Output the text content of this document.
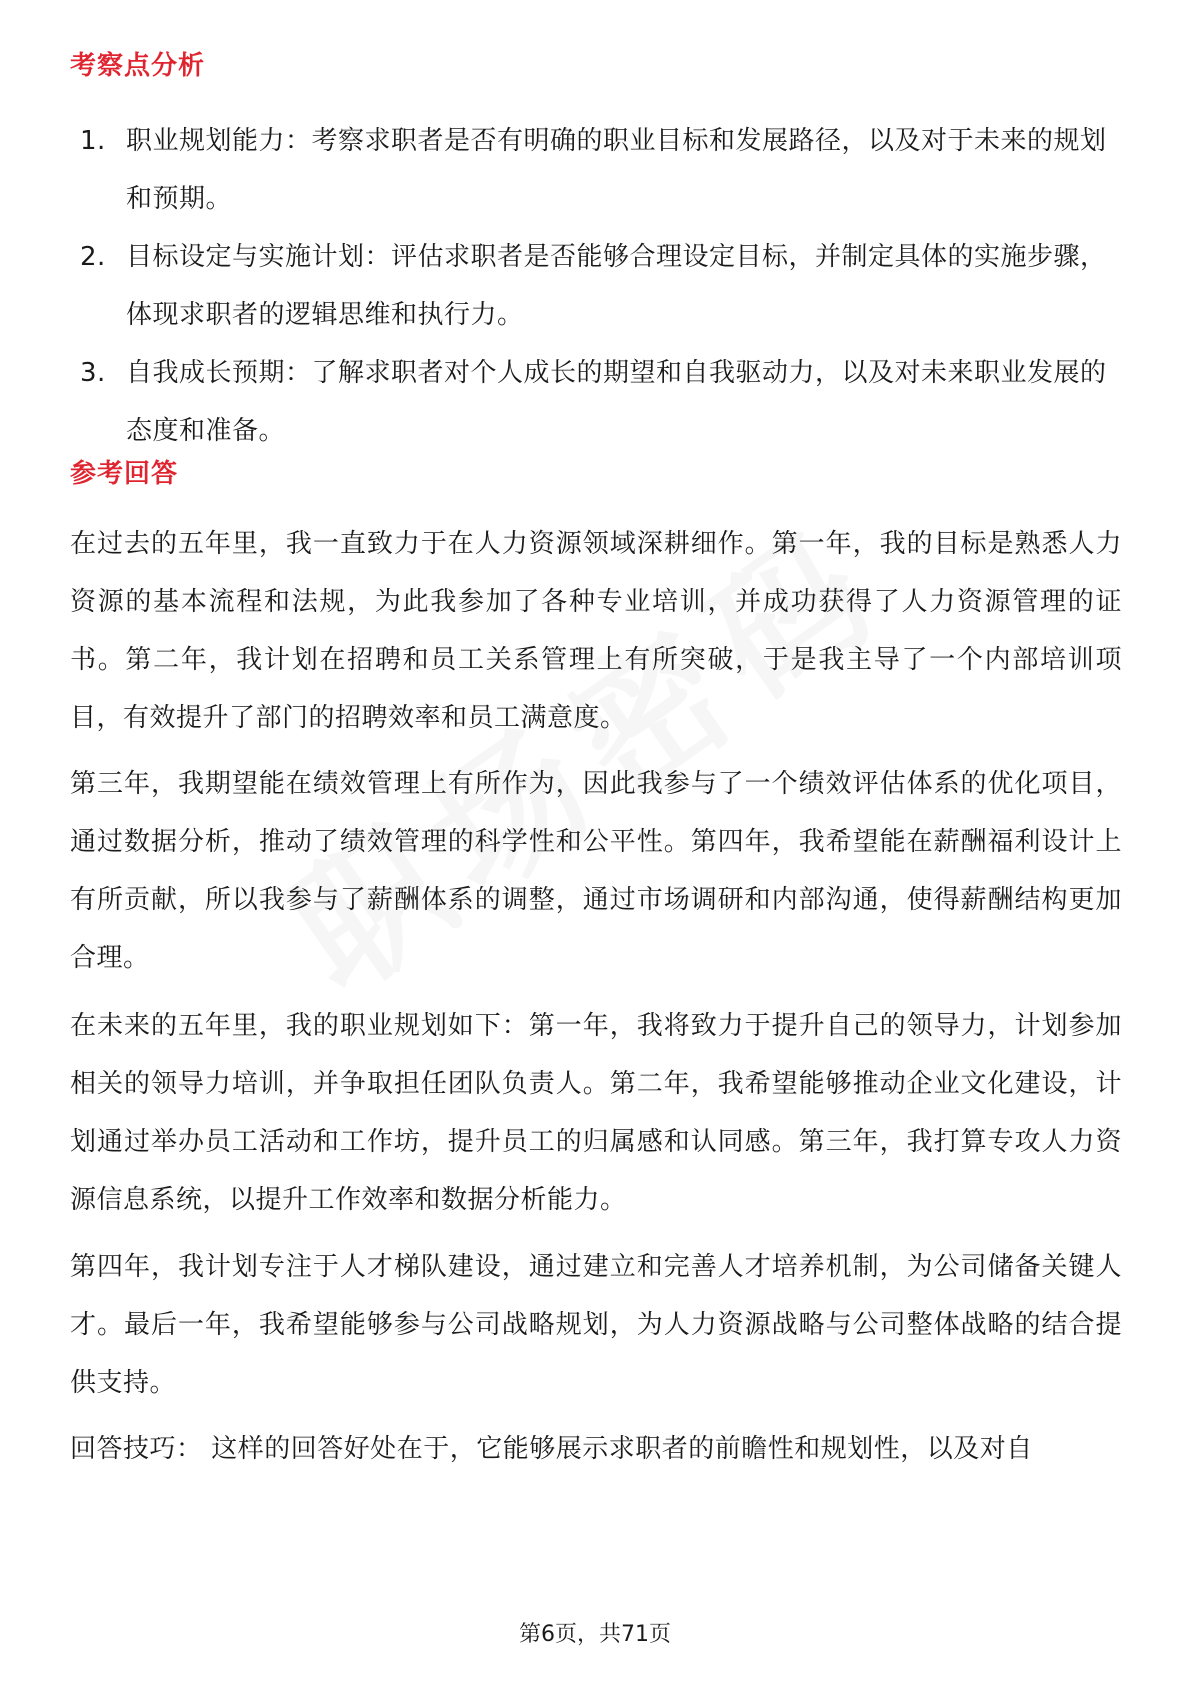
考察点分析
1. 职业规划能力：考察求职者是否有明确的职业目标和发展路径，以及对于未来的规划和预期。
2. 目标设定与实施计划：评估求职者是否能够合理设定目标，并制定具体的实施步骤，体现求职者的逻辑思维和执行力。
3. 自我成长预期：了解求职者对个人成长的期望和自我驱动力，以及对未来职业发展的态度和准备。
参考回答

在过去的五年里，我一直致力于在人力资源领域深耕细作。第一年，我的目标是熟悉人力资源的基本流程和法规，为此我参加了各种专业培训，并成功获得了人力资源管理的证书。第二年，我计划在招聘和员工关系管理上有所突破，于是我主导了一个内部培训项目，有效提升了部门的招聘效率和员工满意度。

第三年，我期望能在绩效管理上有所作为，因此我参与了一个绩效评估体系的优化项目，通过数据分析，推动了绩效管理的科学性和公平性。第四年，我希望能在薪酬福利设计上有所贡献，所以我参与了薪酬体系的调整，通过市场调研和内部沟通，使得薪酬结构更加合理。

在未来的五年里，我的职业规划如下：第一年，我将致力于提升自己的领导力，计划参加相关的领导力培训，并争取担任团队负责人。第二年，我希望能够推动企业文化建设，计划通过举办员工活动和工作坊，提升员工的归属感和认同感。第三年，我打算专攻人力资源信息系统，以提升工作效率和数据分析能力。

第四年，我计划专注于人才梯队建设，通过建立和完善人才培养机制，为公司储备关键人才。最后一年，我希望能够参与公司战略规划，为人力资源战略与公司整体战略的结合提供支持。

回答技巧： 这样的回答好处在于，它能够展示求职者的前瞻性和规划性，以及对自

第6页，共71页
